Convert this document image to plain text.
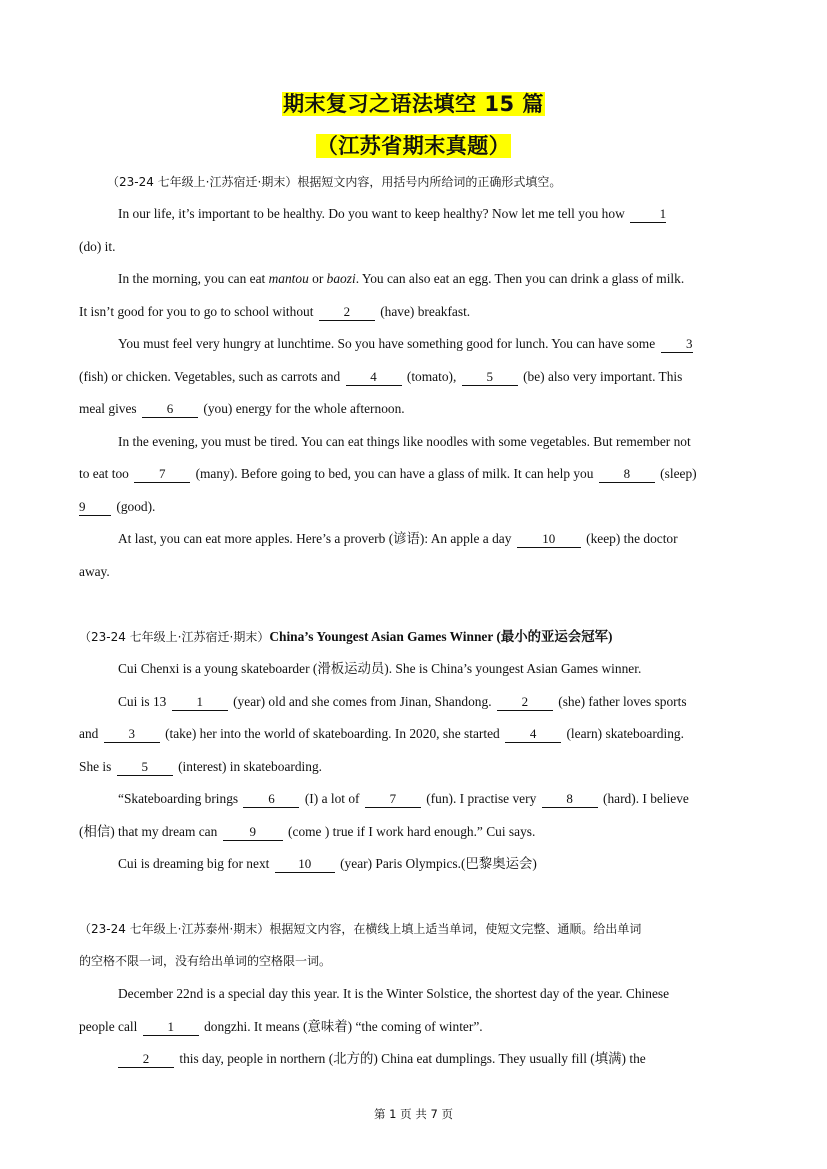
期末复习之语法填空 15 篇
（江苏省期末真题）
（23-24 七年级上·江苏宿迁·期末）根据短文内容，用括号内所给词的正确形式填空。
In our life, it’s important to be healthy. Do you want to keep healthy? Now let me tell you how	1
(do) it.
In the morning, you can eat mantou or baozi. You can also eat an egg. Then you can drink a glass of milk.
It isn’t good for you to go to school without 2 (have) breakfast.
You must feel very hungry at lunchtime. So you have something good for lunch. You can have some 3
(fish) or chicken. Vegetables, such as carrots and 4 (tomato), 5 (be) also very important. This
meal gives 6 (you) energy for the whole afternoon.
In the evening, you must be tired. You can eat things like noodles with some vegetables. But remember not
to eat too 7 (many). Before going to bed, you can have a glass of milk. It can help you 8 (sleep)
9 (good).
At last, you can eat more apples. Here’s a proverb (谚语): An apple a day 10 (keep) the doctor
away.
（23-24 七年级上·江苏宿迁·期末）China’s Youngest Asian Games Winner (最小的亚运会冠军)
Cui Chenxi is a young skateboarder (滑板运动员). She is China’s youngest Asian Games winner.
Cui is 13 1 (year) old and she comes from Jinan, Shandong. 2 (she) father loves sports
and 3 (take) her into the world of skateboarding. In 2020, she started 4 (learn) skateboarding.
She is 5 (interest) in skateboarding.
“Skateboarding brings 6 (I) a lot of 7 (fun). I practise very 8 (hard). I believe
(相信) that my dream can 9 (come ) true if I work hard enough.” Cui says.
Cui is dreaming big for next 10 (year) Paris Olympics.(巴黎奥运会)
（23-24 七年级上·江苏泰州·期末）根据短文内容，在横线上填上适当单词，使短文完整、通顺。给出单词
的空格不限一词，没有给出单词的空格限一词。
December 22nd is a special day this year. It is the Winter Solstice, the shortest day of the year. Chinese
people call 1 dongzhi. It means (意味着) “the coming of winter”.
2 this day, people in northern (北方的) China eat dumplings. They usually fill (填满) the
第 1 页 共 7 页
